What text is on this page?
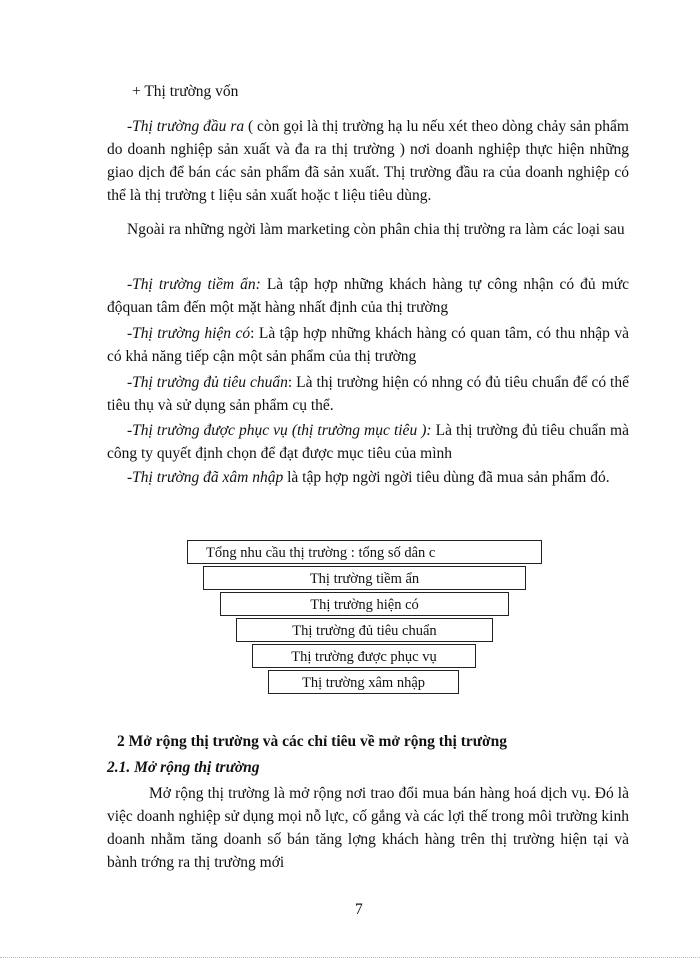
+ Thị trường vốn
-Thị trường đầu ra ( còn gọi là thị trường hạ lu nếu xét theo dòng chảy sản phẩm do doanh nghiệp sản xuất và đa ra thị trường ) nơi doanh nghiệp thực hiện những giao dịch để bán các sản phẩm đã sản xuất. Thị trường đầu ra của doanh nghiệp có thể là thị trường t liệu sản xuất hoặc t liệu tiêu dùng.
Ngoài ra những ngời làm marketing còn phân chia thị trường ra làm các loại sau
-Thị trường tiềm ẩn: Là tập hợp những khách hàng tự công nhận có đủ mức độquan tâm đến một mặt hàng nhất định của thị trường
-Thị trường hiện có: Là tập hợp những khách hàng có quan tâm, có thu nhập và có khả năng tiếp cận một sản phẩm của thị trường
-Thị trường đủ tiêu chuẩn: Là thị trường hiện có nhng có đủ tiêu chuẩn để có thể tiêu thụ và sử dụng sản phẩm cụ thể.
-Thị trường được phục vụ (thị trường mục tiêu ): Là thị trường đủ tiêu chuẩn mà công ty quyết định chọn để đạt được mục tiêu của mình
-Thị trường đã xâm nhập là tập hợp ngời ngời tiêu dùng đã mua sản phẩm đó.
Tổng nhu cầu thị trường : tổng số dân c
Thị trường tiềm ẩn
Thị trường hiện có
Thị trường đủ tiêu chuẩn
Thị trường được phục vụ
Thị trường xâm nhập
2 Mở rộng thị trường và các chỉ tiêu về mở rộng thị trường
2.1. Mở rộng thị trường
Mở rộng thị trường là mở rộng nơi trao đổi mua bán hàng hoá dịch vụ. Đó là việc doanh nghiệp sử dụng mọi nỗ lực, cố gắng và các lợi thế trong môi trường kinh doanh nhằm tăng doanh số bán tăng lợng khách hàng trên thị trường hiện tại và bành trớng ra thị trường mới
7
